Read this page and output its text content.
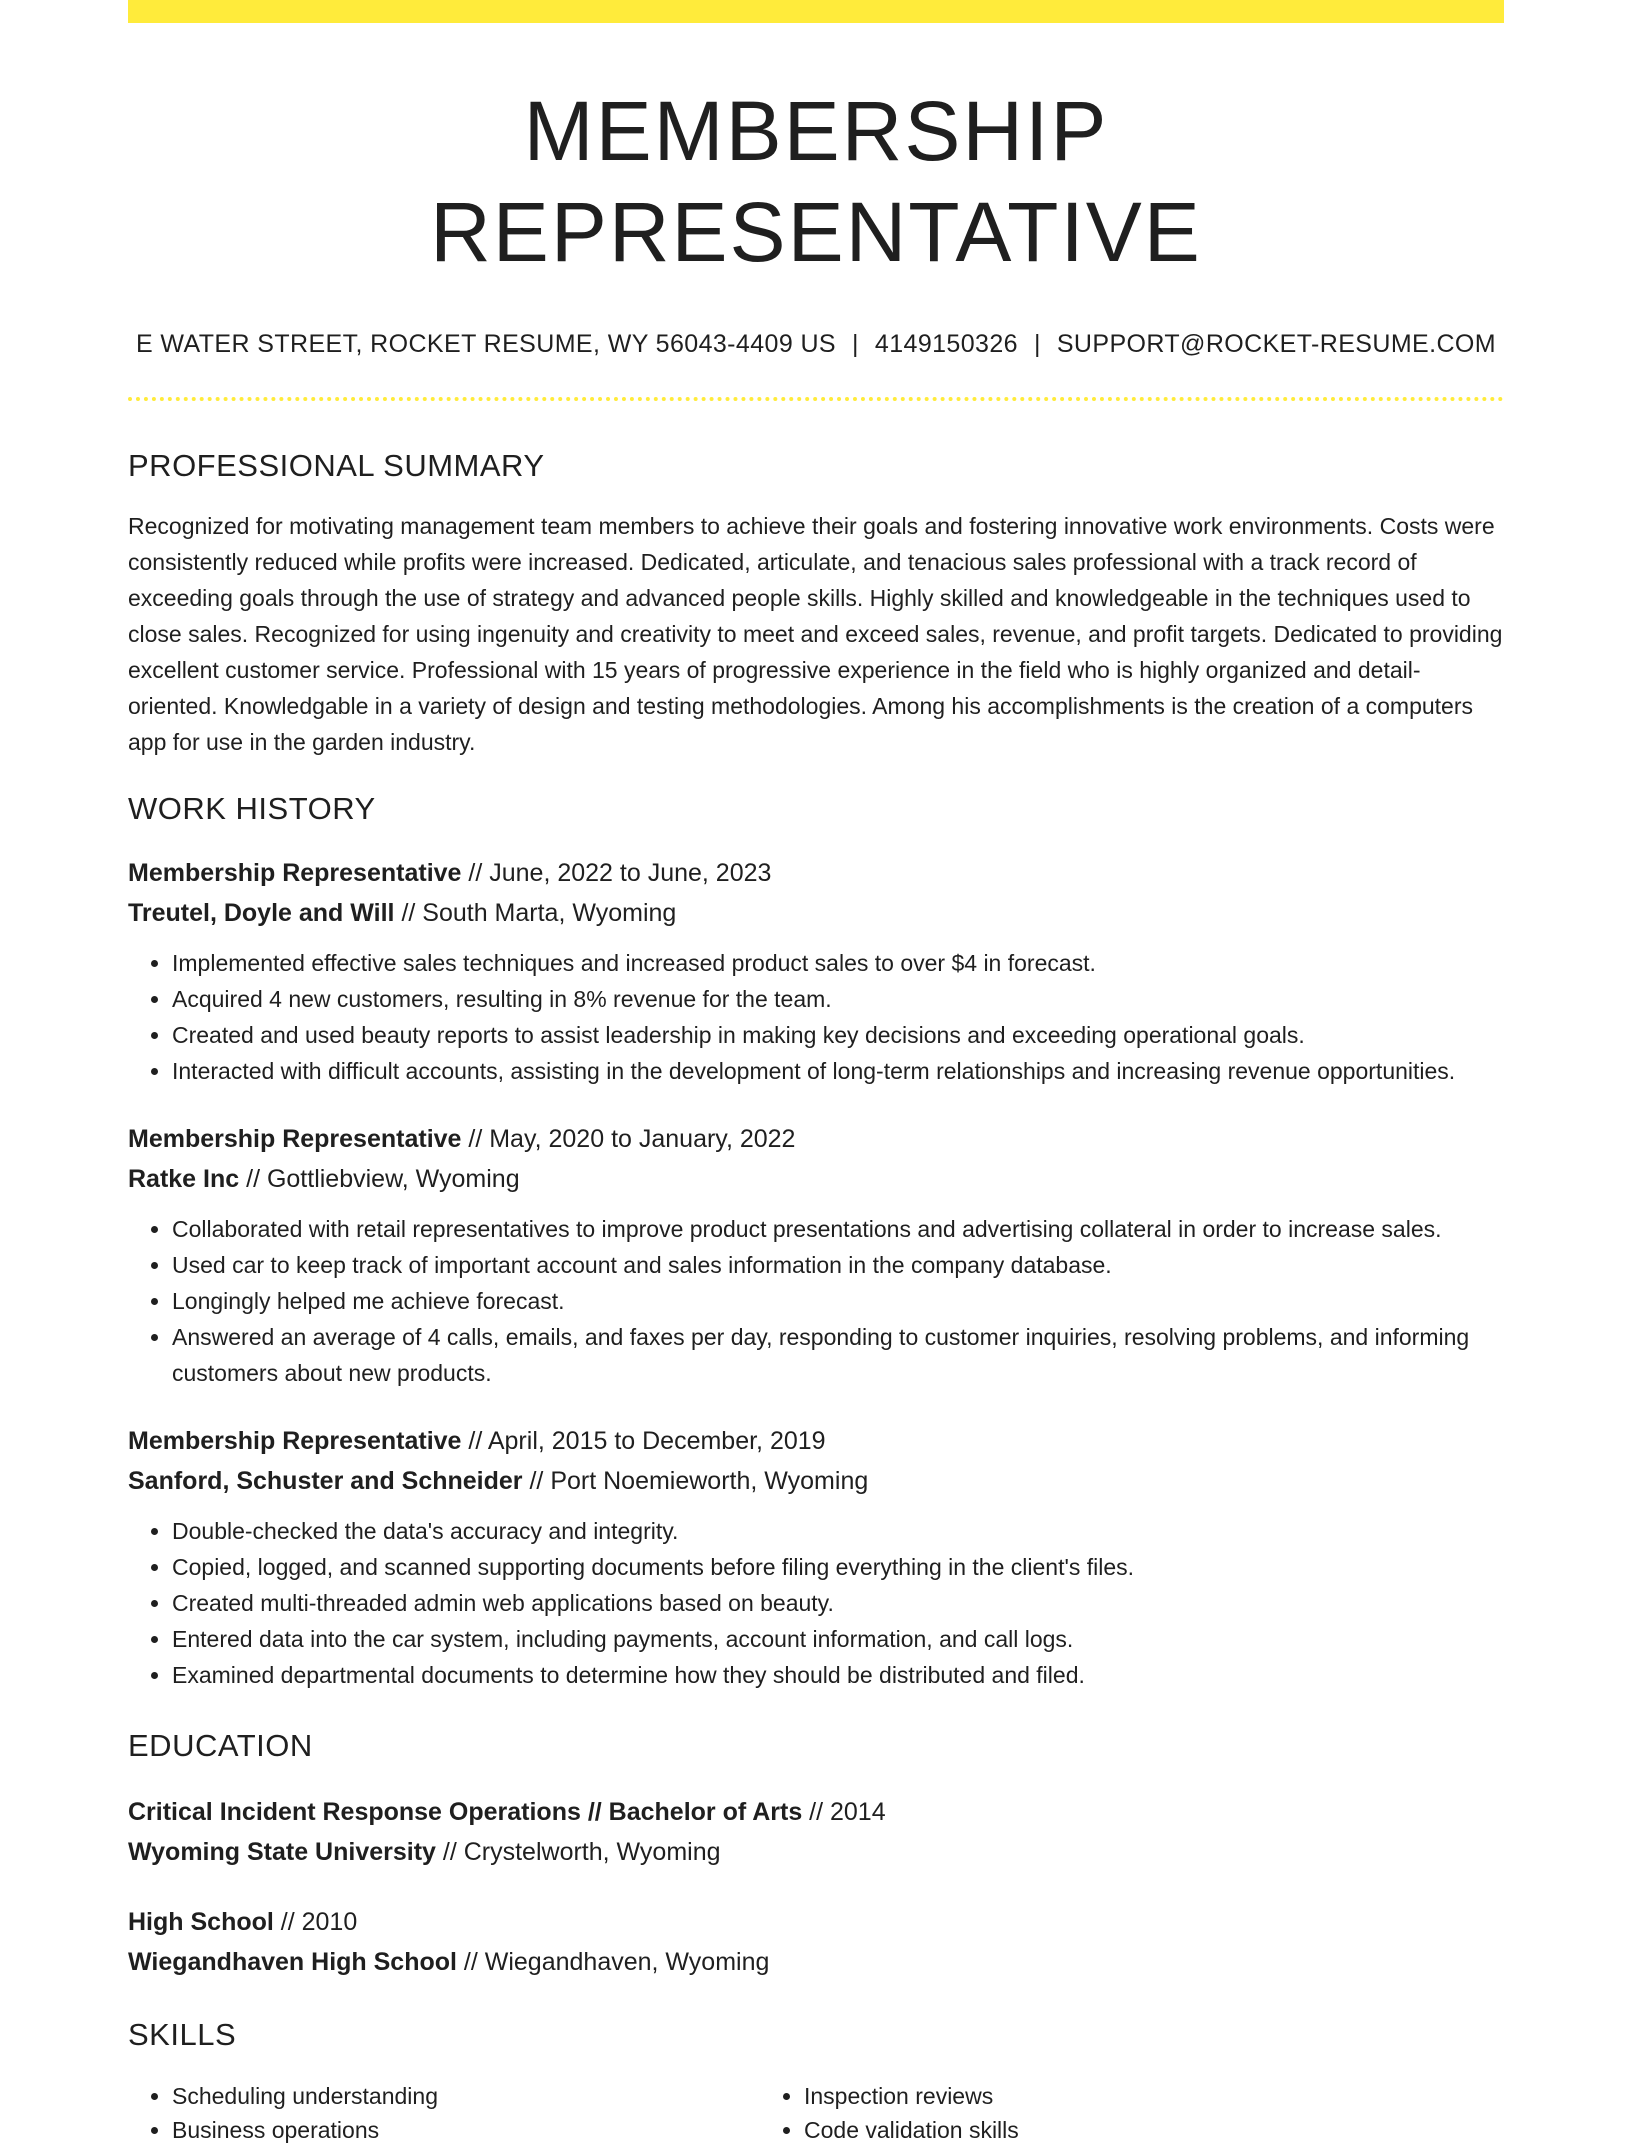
MEMBERSHIP REPRESENTATIVE
E WATER STREET, ROCKET RESUME, WY 56043-4409 US | 4149150326 | SUPPORT@ROCKET-RESUME.COM
PROFESSIONAL SUMMARY
Recognized for motivating management team members to achieve their goals and fostering innovative work environments. Costs were consistently reduced while profits were increased. Dedicated, articulate, and tenacious sales professional with a track record of exceeding goals through the use of strategy and advanced people skills. Highly skilled and knowledgeable in the techniques used to close sales. Recognized for using ingenuity and creativity to meet and exceed sales, revenue, and profit targets. Dedicated to providing excellent customer service. Professional with 15 years of progressive experience in the field who is highly organized and detail-oriented. Knowledgable in a variety of design and testing methodologies. Among his accomplishments is the creation of a computers app for use in the garden industry.
WORK HISTORY
Membership Representative // June, 2022 to June, 2023
Treutel, Doyle and Will // South Marta, Wyoming
• Implemented effective sales techniques and increased product sales to over $4 in forecast.
• Acquired 4 new customers, resulting in 8% revenue for the team.
• Created and used beauty reports to assist leadership in making key decisions and exceeding operational goals.
• Interacted with difficult accounts, assisting in the development of long-term relationships and increasing revenue opportunities.
Membership Representative // May, 2020 to January, 2022
Ratke Inc // Gottliebview, Wyoming
• Collaborated with retail representatives to improve product presentations and advertising collateral in order to increase sales.
• Used car to keep track of important account and sales information in the company database.
• Longingly helped me achieve forecast.
• Answered an average of 4 calls, emails, and faxes per day, responding to customer inquiries, resolving problems, and informing customers about new products.
Membership Representative // April, 2015 to December, 2019
Sanford, Schuster and Schneider // Port Noemieworth, Wyoming
• Double-checked the data's accuracy and integrity.
• Copied, logged, and scanned supporting documents before filing everything in the client's files.
• Created multi-threaded admin web applications based on beauty.
• Entered data into the car system, including payments, account information, and call logs.
• Examined departmental documents to determine how they should be distributed and filed.
EDUCATION
Critical Incident Response Operations // Bachelor of Arts // 2014
Wyoming State University // Crystelworth, Wyoming
High School // 2010
Wiegandhaven High School // Wiegandhaven, Wyoming
SKILLS
• Scheduling understanding
• Business operations
• Inspection reviews
• Code validation skills
